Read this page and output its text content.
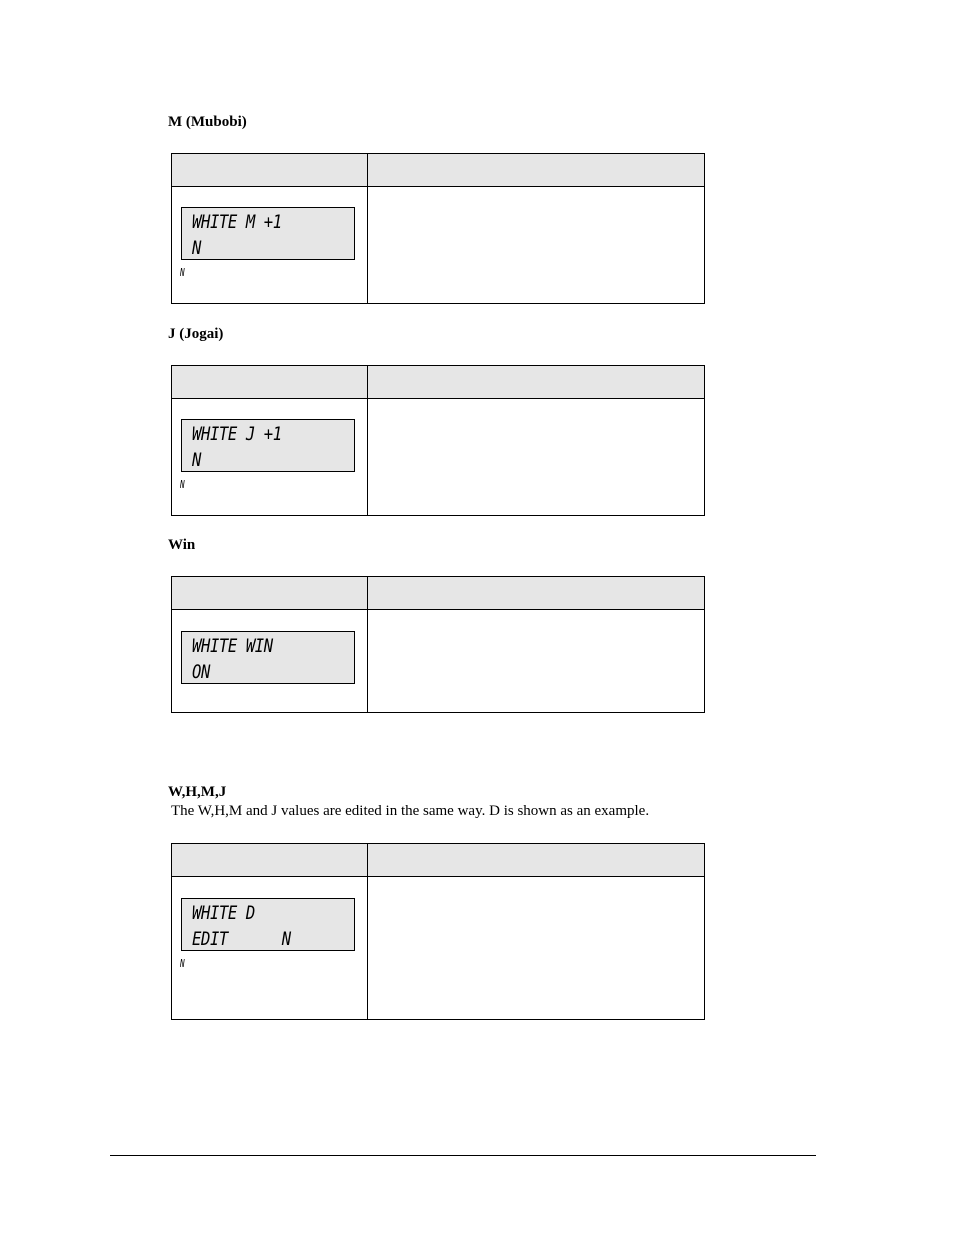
M (Mubobi)
WHITE M +1
N
N
J (Jogai)
WHITE J +1
N
N
Win
WHITE WIN
ON
W,H,M,J
The W,H,M and J values are edited in the same way. D is shown as an example.
WHITE D
EDIT      N
N
